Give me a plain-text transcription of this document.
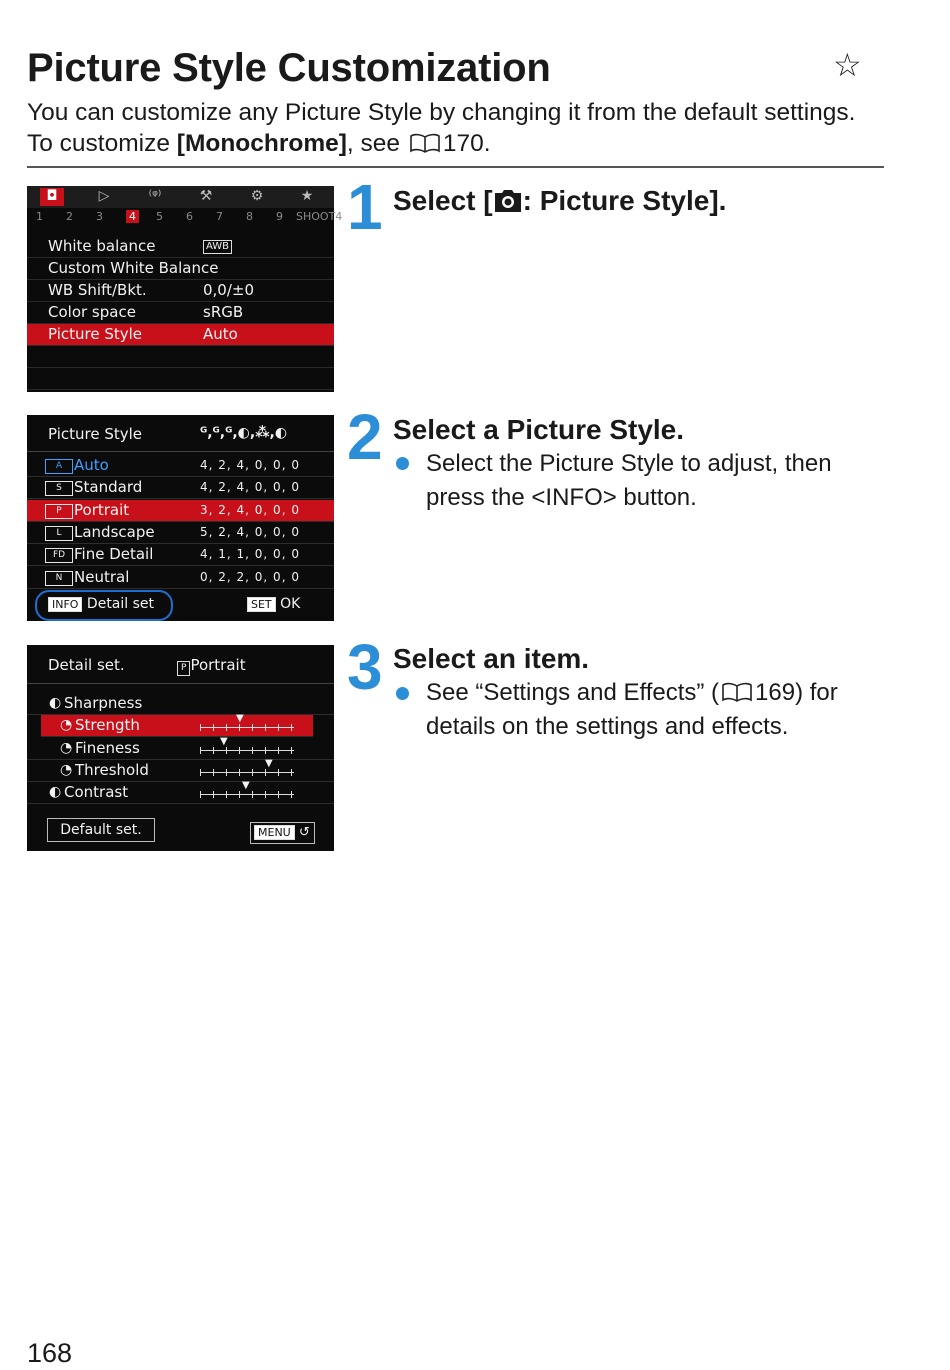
Picture Style Customization	☆
You can customize any Picture Style by changing it from the default settings.
To customize [Monochrome], see 170.
◘	▷	⁽ᵠ⁾	⚒	⚙	★
1 2 3 4 5 6 7 8 9 SHOOT4
White balance	AWB
Custom White Balance
WB Shift/Bkt.	0,0/±0
Color space	sRGB
Picture Style	Auto
1 Select [ : Picture Style].
Picture Style	ᴳ,ᴳ,ᴳ,◐,⁂,◐
A Auto	4, 2, 4, 0, 0, 0
S Standard	4, 2, 4, 0, 0, 0
P Portrait	3, 2, 4, 0, 0, 0
L Landscape	5, 2, 4, 0, 0, 0
FD Fine Detail	4, 1, 1, 0, 0, 0
N Neutral	0, 2, 2, 0, 0, 0
INFO Detail set	SET OK
2 Select a Picture Style.
Select the Picture Style to adjust, then
press the <INFO> button.
Detail set.	P Portrait
◐ Sharpness
◔ Strength	▼
◔ Fineness	▼
◔ Threshold	▼
◐ Contrast	▼
Default set.	MENU ↺
3 Select an item.
See “Settings and Effects” ( 169) for
details on the settings and effects.
168
